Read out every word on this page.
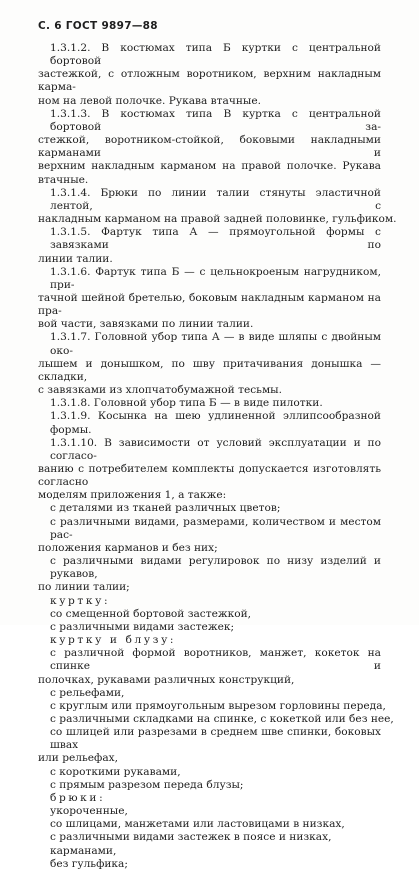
С. 6 ГОСТ 9897—88
1.3.1.2. В костюмах типа Б куртки с центральной бортовой
застежкой, с отложным воротником, верхним накладным карма-
ном на левой полочке. Рукава втачные.
1.3.1.3. В костюмах типа В куртка с центральной бортовой за-
стежкой, воротником-стойкой, боковыми накладными карманами и
верхним накладным карманом на правой полочке. Рукава втачные.
1.3.1.4. Брюки по линии талии стянуты эластичной лентой, с
накладным карманом на правой задней половинке, гульфиком.
1.3.1.5. Фартук типа А — прямоугольной формы с завязками по
линии талии.
1.3.1.6. Фартук типа Б — с цельнокроеным нагрудником, при-
тачной шейной бретелью, боковым накладным карманом на пра-
вой части, завязками по линии талии.
1.3.1.7. Головной убор типа А — в виде шляпы с двойным око-
лышем и донышком, по шву притачивания донышка — складки,
с завязками из хлопчатобумажной тесьмы.
1.3.1.8. Головной убор типа Б — в виде пилотки.
1.3.1.9. Косынка на шею удлиненной эллипсообразной формы.
1.3.1.10. В зависимости от условий эксплуатации и по согласо-
ванию с потребителем комплекты допускается изготовлять согласно
моделям приложения 1, а также:
с деталями из тканей различных цветов;
с различными видами, размерами, количеством и местом рас-
положения карманов и без них;
с различными видами регулировок по низу изделий и рукавов,
по линии талии;
куртку:
со смещенной бортовой застежкой,
с различными видами застежек;
куртку и блузу:
с различной формой воротников, манжет, кокеток на спинке и
полочках, рукавами различных конструкций,
с рельефами,
с круглым или прямоугольным вырезом горловины переда,
с различными складками на спинке, с кокеткой или без нее,
со шлицей или разрезами в среднем шве спинки, боковых швах
или рельефах,
с короткими рукавами,
с прямым разрезом переда блузы;
брюки:
укороченные,
со шлицами, манжетами или ластовицами в низках,
с различными видами застежек в поясе и низках,
карманами,
без гульфика;
